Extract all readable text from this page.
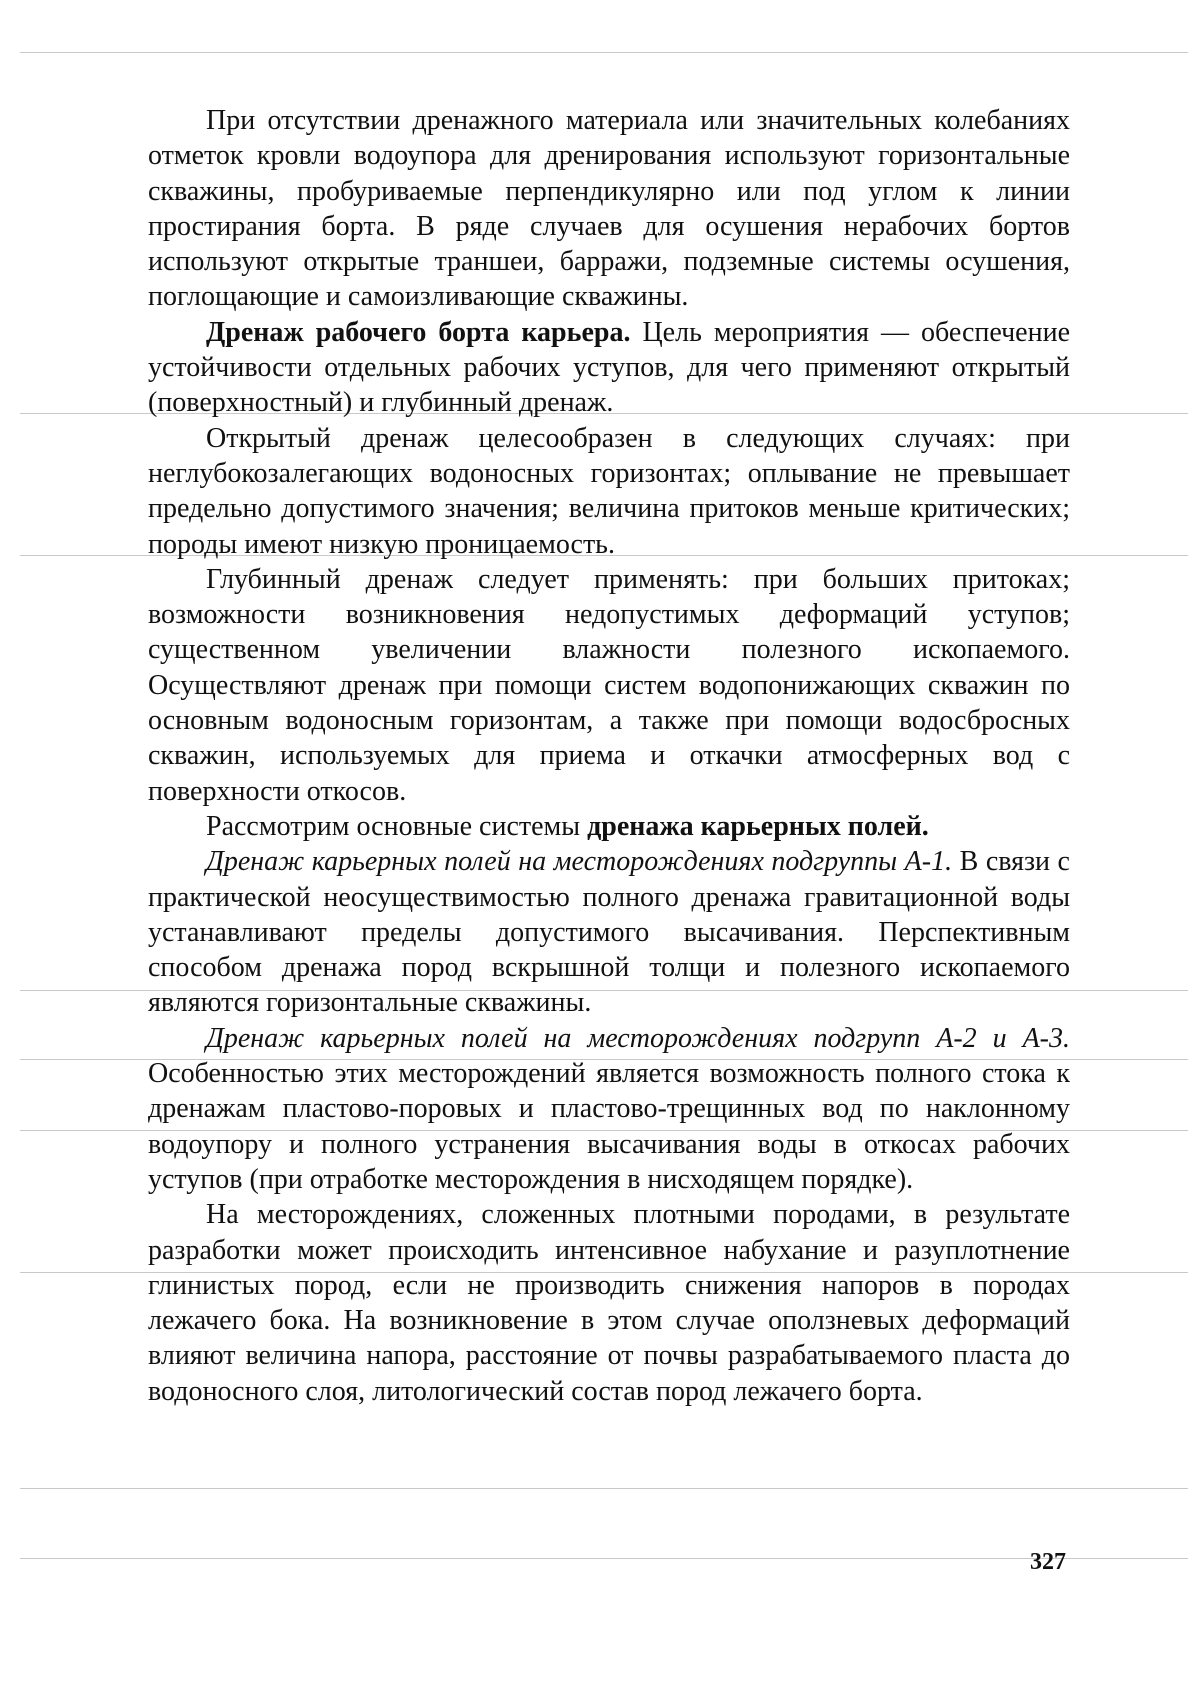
При отсутствии дренажного материала или значительных колебаниях отметок кровли водоупора для дренирования используют горизонтальные скважины, пробуриваемые перпендикулярно или под углом к линии простирания борта. В ряде случаев для осушения нерабочих бортов используют открытые траншеи, барражи, подземные системы осушения, поглощающие и самоизливающие скважины.

Дренаж рабочего борта карьера. Цель мероприятия — обеспечение устойчивости отдельных рабочих уступов, для чего применяют открытый (поверхностный) и глубинный дренаж.

Открытый дренаж целесообразен в следующих случаях: при неглубокозалегающих водоносных горизонтах; оплывание не превышает предельно допустимого значения; величина притоков меньше критических; породы имеют низкую проницаемость.

Глубинный дренаж следует применять: при больших притоках; возможности возникновения недопустимых деформаций уступов; существенном увеличении влажности полезного ископаемого. Осуществляют дренаж при помощи систем водопонижающих скважин по основным водоносным горизонтам, а также при помощи водосбросных скважин, используемых для приема и откачки атмосферных вод с поверхности откосов.

Рассмотрим основные системы дренажа карьерных полей.

Дренаж карьерных полей на месторождениях подгруппы А-1. В связи с практической неосуществимостью полного дренажа гравитационной воды устанавливают пределы допустимого высачивания. Перспективным способом дренажа пород вскрышной толщи и полезного ископаемого являются горизонтальные скважины.

Дренаж карьерных полей на месторождениях подгрупп А-2 и А-3. Особенностью этих месторождений является возможность полного стока к дренажам пластово-поровых и пластово-трещинных вод по наклонному водоупору и полного устранения высачивания воды в откосах рабочих уступов (при отработке месторождения в нисходящем порядке).

На месторождениях, сложенных плотными породами, в результате разработки может происходить интенсивное набухание и разуплотнение глинистых пород, если не производить снижения напоров в породах лежачего бока. На возникновение в этом случае оползневых деформаций влияют величина напора, расстояние от почвы разрабатываемого пласта до водоносного слоя, литологический состав пород лежачего борта.

327
